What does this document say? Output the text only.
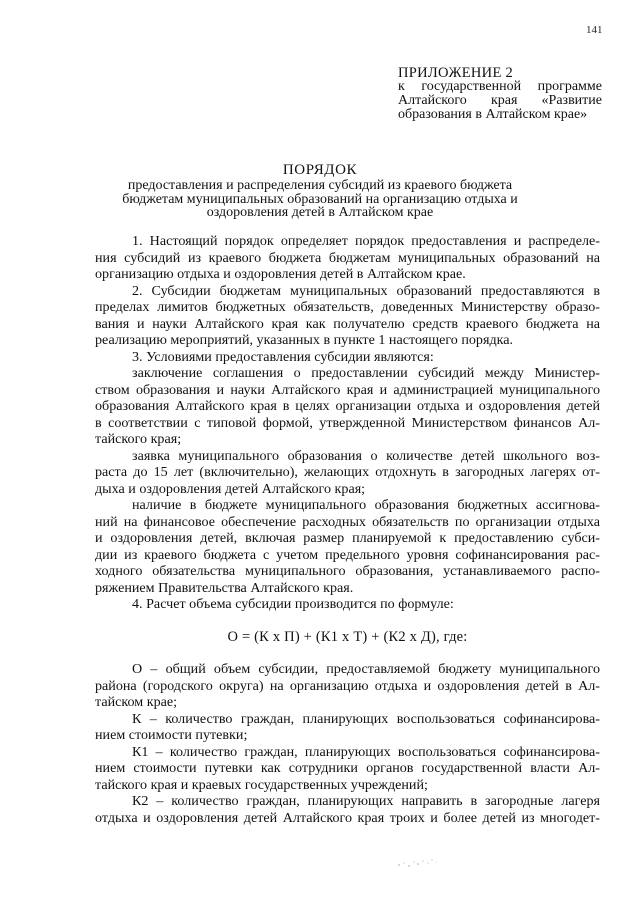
141
ПРИЛОЖЕНИЕ 2
к государственной программе
Алтайского края «Развитие
образования в Алтайском крае»
ПОРЯДОК
предоставления и распределения субсидий из краевого бюджета
бюджетам муниципальных образований на организацию отдыха и
оздоровления детей в Алтайском крае

1. Настоящий порядок определяет порядок предоставления и распределе-
ния субсидий из краевого бюджета бюджетам муниципальных образований на
организацию отдыха и оздоровления детей в Алтайском крае.

2. Субсидии бюджетам муниципальных образований предоставляются в
пределах лимитов бюджетных обязательств, доведенных Министерству образо-
вания и науки Алтайского края как получателю средств краевого бюджета на
реализацию мероприятий, указанных в пункте 1 настоящего порядка.

3. Условиями предоставления субсидии являются:

заключение соглашения о предоставлении субсидий между Министер-
ством образования и науки Алтайского края и администрацией муниципального
образования Алтайского края в целях организации отдыха и оздоровления детей
в соответствии с типовой формой, утвержденной Министерством финансов Ал-
тайского края;

заявка муниципального образования о количестве детей школьного воз-
раста до 15 лет (включительно), желающих отдохнуть в загородных лагерях от-
дыха и оздоровления детей Алтайского края;

наличие в бюджете муниципального образования бюджетных ассигнова-
ний на финансовое обеспечение расходных обязательств по организации отдыха
и оздоровления детей, включая размер планируемой к предоставлению субси-
дии из краевого бюджета с учетом предельного уровня софинансирования рас-
ходного обязательства муниципального образования, устанавливаемого распо-
ряжением Правительства Алтайского края.

4. Расчет объема субсидии производится по формуле:

О = (К х П) + (К1 х Т) + (К2 х Д), где:

О – общий объем субсидии, предоставляемой бюджету муниципального
района (городского округа) на организацию отдыха и оздоровления детей в Ал-
тайском крае;

К – количество граждан, планирующих воспользоваться софинансирова-
нием стоимости путевки;

К1 – количество граждан, планирующих воспользоваться софинансирова-
нием стоимости путевки как сотрудники органов государственной власти Ал-
тайского края и краевых государственных учреждений;

К2 – количество граждан, планирующих направить в загородные лагеря
отдыха и оздоровления детей Алтайского края троих и более детей из многодет-
